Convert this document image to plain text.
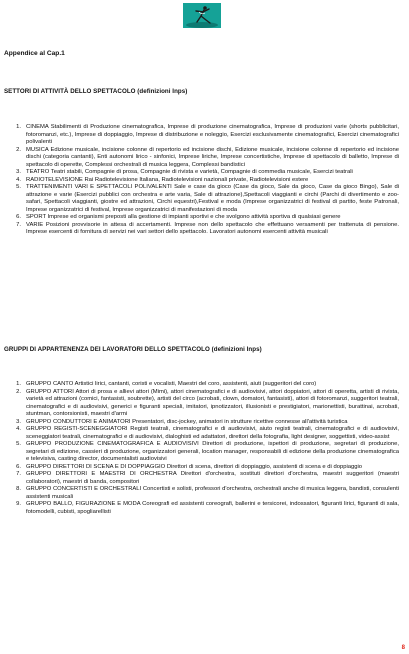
Appendice al Cap.1
SETTORI DI ATTIVITÀ DELLO SPETTACOLO (definizioni Inps)
1. CINEMA Stabilimenti di Produzione cinematografica, Imprese di produzione cinematografica, Imprese di produzioni varie (shorts pubblicitari, fotoromanzi, etc.), Imprese di doppiaggio, Imprese di distribuzione e noleggio, Esercizi esclusivamente cinematografici, Esercizi cinematografici polivalenti
2. MUSICA Edizione musicale, incisione colonne di repertorio ed incisione dischi, Edizione musicale, incisione colonne di repertorio ed incisione dischi (categoria cantanti), Enti autonomi lirico - sinfonici, Imprese liriche, Imprese concertistiche, Imprese di spettacolo di balletto, Imprese di spettacolo di operette, Complessi orchestrali di musica leggera, Complessi bandistici
3. TEATRO Teatri stabili, Compagnie di prosa, Compagnie di rivista e varietà, Compagnie di commedia musicale, Esercizi teatrali
4. RADIOTELEVISIONE Rai Radiotelevisione Italiana, Radiotelevisioni nazionali private, Radiotelevisioni estere
5. TRATTENIMENTI VARI E SPETTACOLI POLIVALENTI Sale e case da gioco (Case da gioco, Sale da gioco, Case da gioco Bingo), Sale di attrazione e varie (Esercizi pubblici con orchestra e arte varia, Sale di attrazione),Spettacoli viaggianti e circhi (Parchi di divertimento e zoo-safari, Spettacoli viaggianti, giostre ed attrazioni, Circhi equestri),Festival e moda (Imprese organizzatrici di festival di partito, feste Patronali, Imprese organizzatrici di festival, Imprese organizzatrici di manifestazioni di moda
6. SPORT Imprese ed organismi preposti alla gestione di impianti sportivi e che svolgono attività sportiva di qualsiasi genere
7. VARIE Posizioni provvisorie in attesa di accertamenti. Imprese non dello spettacolo che effettuano versamenti per trattenuta di pensione. Imprese esercenti di fornitura di servizi nei vari settori dello spettacolo. Lavoratori autonomi esercenti attività musicali
GRUPPI DI APPARTENENZA DEI LAVORATORI DELLO SPETTACOLO (definizioni Inps)
1. GRUPPO CANTO Artistici lirici, cantanti, coristi e vocalisti, Maestri del coro, assistenti, aiuti (suggeritori del coro)
2. GRUPPO ATTORI Attori di prosa e allievi attori (Mimi), attori cinematografici e di audiovisivi, attori doppiatori, attori di operetta, artisti di rivista, varietà ed attrazioni (comici, fantasisti, soubrette), artisti del circo (acrobati, clown, domatori, fantasisti), attori di fotoromanzi, suggeritori teatrali, cinematografici e di audiovisivi, generici e figuranti speciali, imitatori, ipnotizzatori, illusionisti e prestigiatori, marionettisti, burattinai, acrobati, stuntman, contorsionisti, maestri d'armi
3. GRUPPO CONDUTTORI E ANIMATORI Presentatori, disc-jockey, animatori in strutture ricettive connesse all'attività turistica
4. GRUPPO REGISTI-SCENEGGIATORI Registi teatrali, cinematografici e di audiovisivi, aiuto registi teatrali, cinematografici e di audiovisivi, sceneggiatori teatrali, cinematografici e di audiovisivi, dialoghisti ed adattatori, direttori della fotografia, light designer, soggettisti, video-assist
5. GRUPPO PRODUZIONE CINEMATOGRAFICA E AUDIOVISIVI Direttori di produzione, ispettori di produzione, segretari di produzione, segretari di edizione, cassieri di produzione, organizzatori generali, location manager, responsabili di edizione della produzione cinematografica e televisiva, casting director, documentalisti audiovisivi
6. GRUPPO DIRETTORI DI SCENA E DI DOPPIAGGIO Direttori di scena, direttori di doppiaggio, assistenti di scena e di doppiaggio
7. GRUPPO DIRETTORI E MAESTRI DI ORCHESTRA Direttori d'orchestra, sostituti direttori d'orchestra, maestri suggeritori (maestri collaboratori), maestri di banda, compositori
8. GRUPPO CONCERTISTI E ORCHESTRALI Concertisti e solisti, professori d'orchestra, orchestrali anche di musica leggera, bandisti, consulenti assistenti musicali
9. GRUPPO BALLO, FIGURAZIONE E MODA Coreografi ed assistenti coreografi, ballerini e tersicorei, indossatori, figuranti lirici, figuranti di sala, fotomodelli, cubisti, spogliarellisti
8
